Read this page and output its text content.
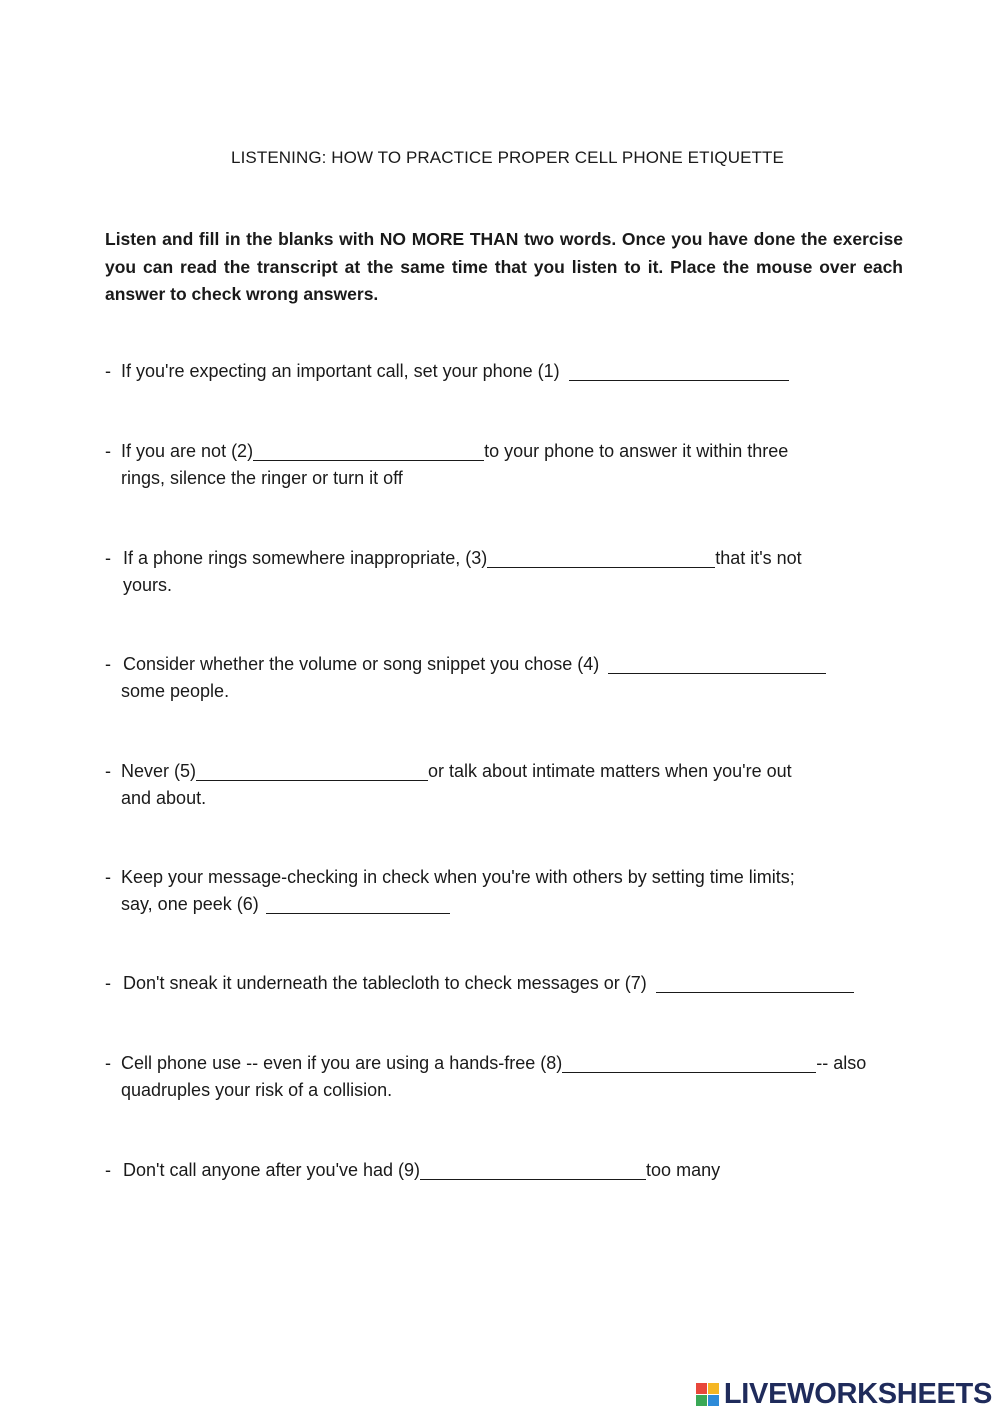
LISTENING: HOW TO PRACTICE PROPER CELL PHONE ETIQUETTE
Listen and fill in the blanks with NO MORE THAN two words. Once you have done the exercise you can read the transcript at the same time that you listen to it. Place the mouse over each answer to check wrong answers.
- If you're expecting an important call, set your phone (1)
- If you are not (2)	to your phone to answer it within three
rings, silence the ringer or turn it off
- If a phone rings somewhere inappropriate, (3)	that it's not
yours.
- Consider whether the volume or song snippet you chose (4)
some people.
- Never (5)	or talk about intimate matters when you're out
and about.
- Keep your message-checking in check when you're with others by setting time limits;
say, one peek (6)
- Don't sneak it underneath the tablecloth to check messages or (7)
- Cell phone use -- even if you are using a hands-free (8)	-- also
quadruples your risk of a collision.
- Don't call anyone after you've had (9)	too many
LIVEWORKSHEETS
